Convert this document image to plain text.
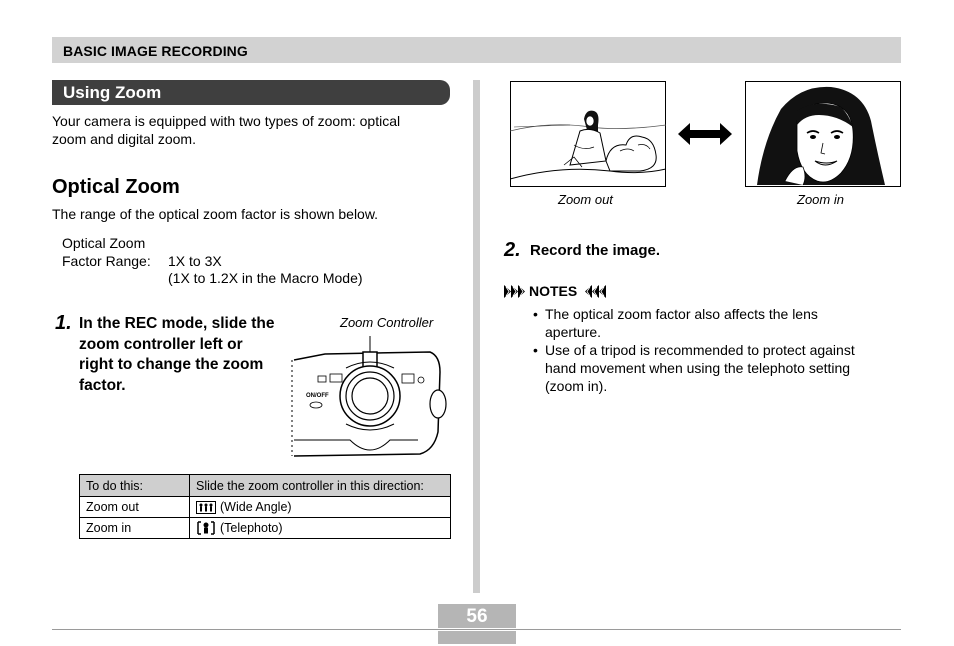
BASIC IMAGE RECORDING
Using Zoom
Your camera is equipped with two types of zoom: optical
zoom and digital zoom.
Optical Zoom
The range of the optical zoom factor is shown below.
Optical Zoom
Factor Range: 1X to 3X
(1X to 1.2X in the Macro Mode)
1. In the REC mode, slide the
zoom controller left or
right to change the zoom
factor.
Zoom Controller
ON/OFF
To do this:	Slide the zoom controller in this direction:
Zoom out	(Wide Angle)
Zoom in	(Telephoto)
Zoom out	Zoom in
2. Record the image.
NOTES
• The optical zoom factor also affects the lens
aperture.
• Use of a tripod is recommended to protect against
hand movement when using the telephoto setting
(zoom in).
56
